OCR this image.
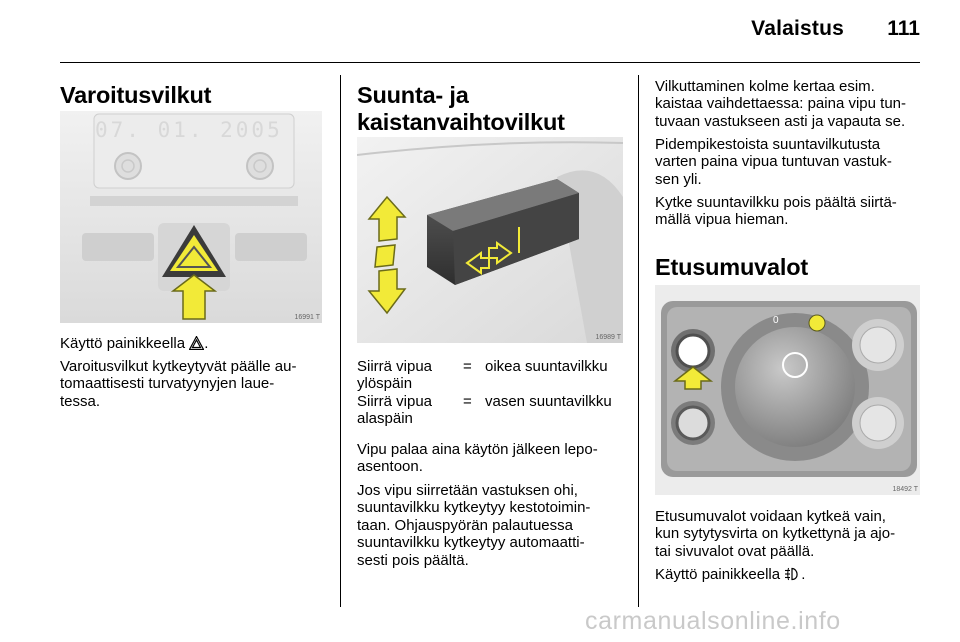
Valaistus 111
Varoitusvilkut
07. 01. 2005
16991 T

Käyttö painikkeella .

Varoitusvilkut kytkeytyvät päälle au-
tomaattisesti turvatyynyjen laue-
tessa.

Suunta- ja
kaistanvaihtovilkut
16989 T
Siirrä vipua
ylöspäin
= oikea suuntavilkku
Siirrä vipua
alaspäin
= vasen suuntavilkku

Vipu palaa aina käytön jälkeen lepo-
asentoon.

Jos vipu siirretään vastuksen ohi,
suuntavilkku kytkeytyy kestotoimin-
taan. Ohjauspyörän palautuessa
suuntavilkku kytkeytyy automaatti-
sesti pois päältä.

Vilkuttaminen kolme kertaa esim.
kaistaa vaihdettaessa: paina vipu tun-
tuvaan vastukseen asti ja vapauta se.

Pidempikestoista suuntavilkutusta
varten paina vipua tuntuvan vastuk-
sen yli.

Kytke suuntavilkku pois päältä siirtä-
mällä vipua hieman.

Etusumuvalot
0
18492 T

Etusumuvalot voidaan kytkeä vain,
kun sytytysvirta on kytkettynä ja ajo-
tai sivuvalot ovat päällä.

Käyttö painikkeella .

carmanualsonline.info
